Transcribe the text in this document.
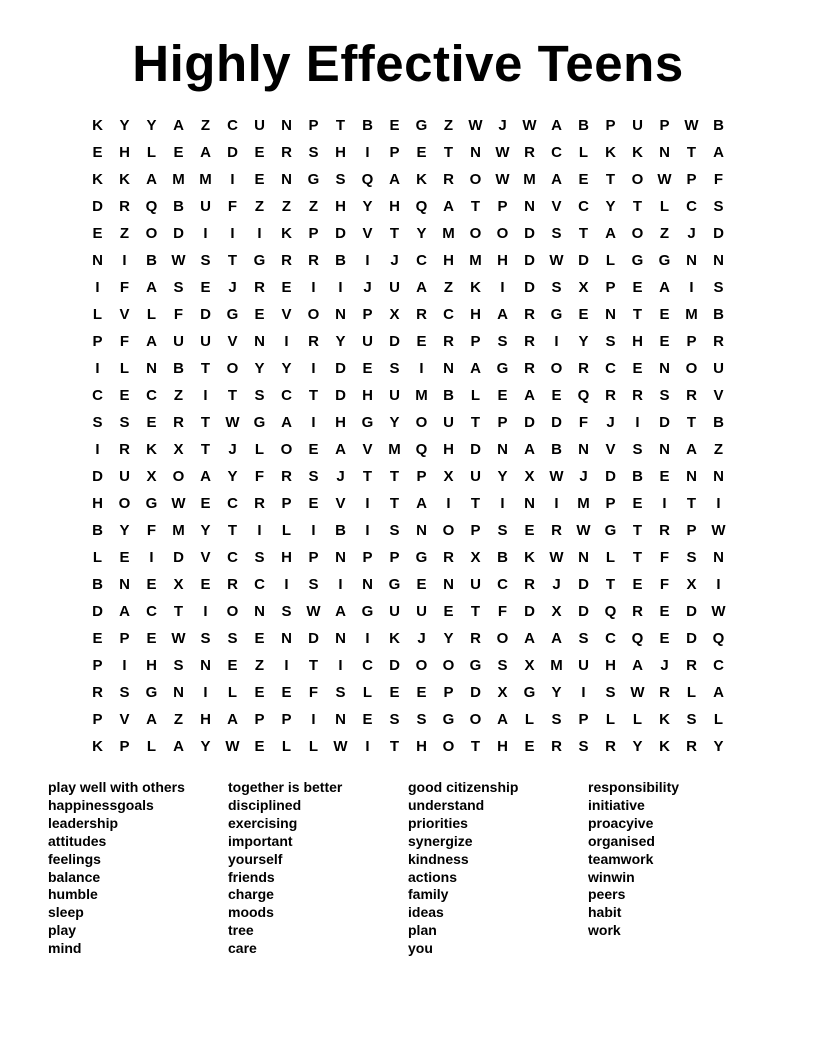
Highly Effective Teens
K	Y	Y	A	Z	C	U	N	P	T	B	E	G	Z	W	J	W A	B	P	U	P W B
E	H	L	E	A	D	E	R	S	H	I	P	E	T	N W R	C	L	K	K	N	T	A
K	K	A	M M	I	E	N	G	S	Q	A	K	R	O W M	A	E	T	O W P	F
D	R	Q	B	U	F	Z	Z	Z	H	Y	H	Q	A	T	P	N	V	C	Y	T	L	C	S
E	Z	O	D	I	I	I	K	P	D	V	T	Y	M O	O	D	S	T	A	O	Z	J	D
N	I	B W S	T	G	R	R	B	I	J	C	H	M	H	D W D	L	G	G	N	N
I	F	A	S	E	J	R	E	I	I	J	U	A	Z	K	I	D	S	X	P	E	A	I	S
L	V	L	F	D	G	E	V	O	N	P	X	R	C	H	A	R	G	E	N	T	E	M	B
P	F	A	U	U	V	N	I	R	Y	U	D	E	R	P	S	R	I	Y	S	H	E	P	R
I	L	N	B	T	O	Y	Y	I	D	E	S	I	N	A	G	R	O	R	C	E	N	O	U
C	E	C	Z	I	T	S	C	T	D	H	U	M	B	L	E	A	E	Q	R	R	S	R	V
S	S	E	R	T	W G	A	I	H	G	Y	O	U	T	P	D	D	F	J	I	D	T	B
I	R	K	X	T	J	L	O	E	A	V	M Q	H	D	N	A	B	N	V	S	N	A	Z
D	U	X	O	A	Y	F	R	S	J	T	T	P	X	U	Y	X W	J	D	B	E	N	N
H	O	G W E	C	R	P	E	V	I	T	A	I	T	I	N	I	M	P	E	I	T	I
B	Y	F	M	Y	T	I	L	I	B	I	S	N	O	P	S	E	R W G	T	R	P W
L	E	I	D	V	C	S	H	P	N	P	P	G	R	X	B	K W N	L	T	F	S	N
B	N	E	X	E	R	C	I	S	I	N	G	E	N	U	C	R	J	D	T	E	F	X	I
D	A	C	T	I	O	N	S W A	G	U	U	E	T	F	D	X	D	Q	R	E	D W
E	P	E W S	S	E	N	D	N	I	K	J	Y	R	O	A	A	S	C	Q	E	D	Q
P	I	H	S	N	E	Z	I	T	I	C	D	O	O	G	S	X	M	U	H	A	J	R	C
R	S	G	N	I	L	E	E	F	S	L	E	E	P	D	X	G	Y	I	S W R	L	A
P	V	A	Z	H	A	P	P	I	N	E	S	S	G	O	A	L	S	P	L	L	K	S	L
K	P	L	A	Y W E	L	L	W	I	T	H	O	T	H	E	R	S	R	Y	K	R	Y
play well with others
happinessgoals
leadership
attitudes
feelings
balance
humble
sleep
play
mind
together is better
disciplined
exercising
important
yourself
friends
charge
moods
tree
care
good citizenship
understand
priorities
synergize
kindness
actions
family
ideas
plan
you
responsibility
initiative
proacyive
organised
teamwork
winwin
peers
habit
work
